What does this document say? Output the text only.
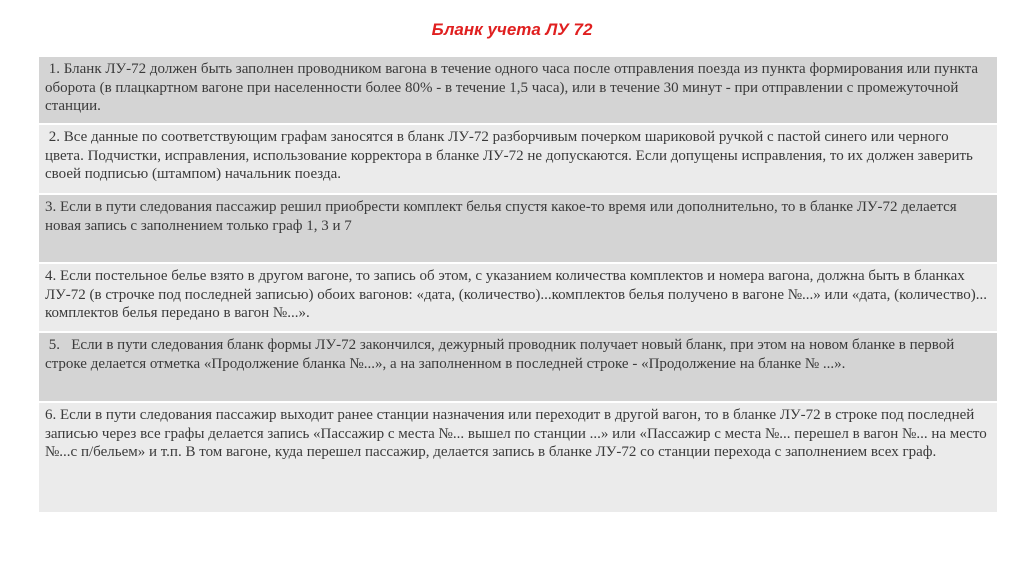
Бланк учета ЛУ 72
1. Бланк ЛУ-72 должен быть заполнен проводником вагона в течение одного часа после отправления поезда из пункта формирования или пункта оборота (в плацкартном вагоне при населенности более 80% - в течение 1,5 часа), или в течение 30 минут - при отправлении с промежуточной станции.
2. Все данные по соответствующим графам заносятся в бланк ЛУ-72 разборчивым почерком шариковой ручкой с пастой синего или черного цвета. Подчистки, исправления, использование корректора в бланке ЛУ-72 не допускаются. Если допущены исправления, то их должен заверить своей подписью (штампом) начальник поезда.
3. Если в пути следования пассажир решил приобрести комплект белья спустя какое-то время или дополнительно, то в бланке ЛУ-72 делается новая запись с заполнением только граф 1, 3 и 7
4. Если постельное белье взято в другом вагоне, то запись об этом, с указанием количества комплектов и номера вагона, должна быть в бланках ЛУ-72 (в строчке под последней записью) обоих вагонов: «дата, (количество)...комплектов белья получено в вагоне №...» или «дата, (количество)... комплектов белья передано в вагон №...».
5.   Если в пути следования бланк формы ЛУ-72 закончился, дежурный проводник получает новый бланк, при этом на новом бланке в первой строке делается отметка «Продолжение бланка №...», а на заполненном в последней строке - «Продолжение на бланке № ...».
6. Если в пути следования пассажир выходит ранее станции назначения или переходит в другой вагон, то в бланке ЛУ-72 в строке под последней записью через все графы делается запись «Пассажир с места №... вышел по станции ...» или «Пассажир с места №... перешел в вагон №... на место №...с п/бельем» и т.п. В том вагоне, куда перешел пассажир, делается запись в бланке ЛУ-72 со станции перехода с заполнением всех граф.
